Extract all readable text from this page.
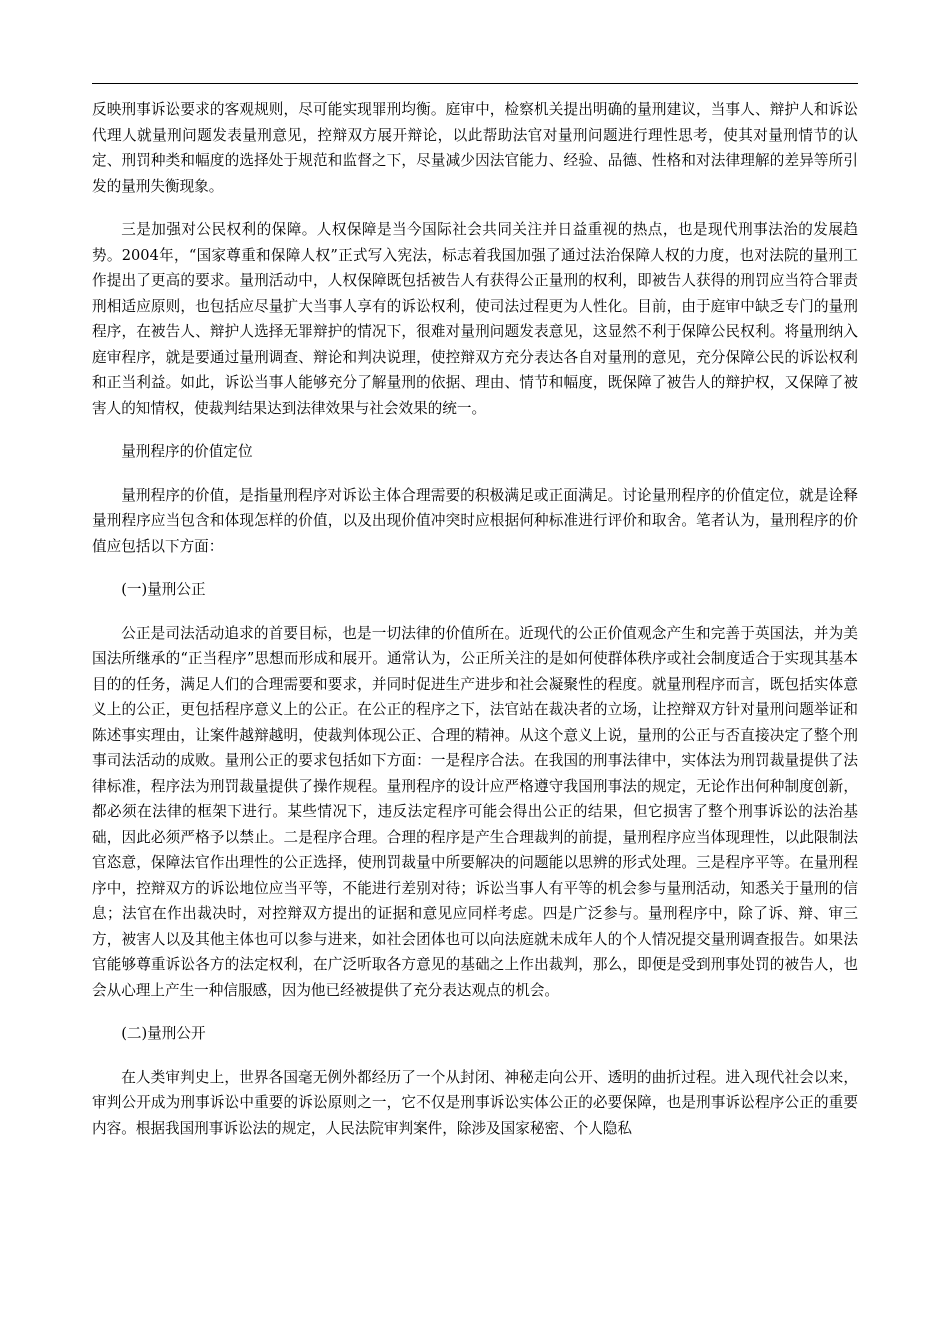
反映刑事诉讼要求的客观规则，尽可能实现罪刑均衡。庭审中，检察机关提出明确的量刑建议，当事人、辩护人和诉讼代理人就量刑问题发表量刑意见，控辩双方展开辩论，以此帮助法官对量刑问题进行理性思考，使其对量刑情节的认定、刑罚种类和幅度的选择处于规范和监督之下，尽量减少因法官能力、经验、品德、性格和对法律理解的差异等所引发的量刑失衡现象。

三是加强对公民权利的保障。人权保障是当今国际社会共同关注并日益重视的热点，也是现代刑事法治的发展趋势。2004年，“国家尊重和保障人权”正式写入宪法，标志着我国加强了通过法治保障人权的力度，也对法院的量刑工作提出了更高的要求。量刑活动中，人权保障既包括被告人有获得公正量刑的权利，即被告人获得的刑罚应当符合罪责刑相适应原则，也包括应尽量扩大当事人享有的诉讼权利，使司法过程更为人性化。目前，由于庭审中缺乏专门的量刑程序，在被告人、辩护人选择无罪辩护的情况下，很难对量刑问题发表意见，这显然不利于保障公民权利。将量刑纳入庭审程序，就是要通过量刑调查、辩论和判决说理，使控辩双方充分表达各自对量刑的意见，充分保障公民的诉讼权利和正当利益。如此，诉讼当事人能够充分了解量刑的依据、理由、情节和幅度，既保障了被告人的辩护权，又保障了被害人的知情权，使裁判结果达到法律效果与社会效果的统一。

量刑程序的价值定位

量刑程序的价值，是指量刑程序对诉讼主体合理需要的积极满足或正面满足。讨论量刑程序的价值定位，就是诠释量刑程序应当包含和体现怎样的价值，以及出现价值冲突时应根据何种标准进行评价和取舍。笔者认为，量刑程序的价值应包括以下方面：

(一)量刑公正

公正是司法活动追求的首要目标，也是一切法律的价值所在。近现代的公正价值观念产生和完善于英国法，并为美国法所继承的“正当程序”思想而形成和展开。通常认为，公正所关注的是如何使群体秩序或社会制度适合于实现其基本目的的任务，满足人们的合理需要和要求，并同时促进生产进步和社会凝聚性的程度。就量刑程序而言，既包括实体意义上的公正，更包括程序意义上的公正。在公正的程序之下，法官站在裁决者的立场，让控辩双方针对量刑问题举证和陈述事实理由，让案件越辩越明，使裁判体现公正、合理的精神。从这个意义上说，量刑的公正与否直接决定了整个刑事司法活动的成败。量刑公正的要求包括如下方面：一是程序合法。在我国的刑事法律中，实体法为刑罚裁量提供了法律标准，程序法为刑罚裁量提供了操作规程。量刑程序的设计应严格遵守我国刑事法的规定，无论作出何种制度创新，都必须在法律的框架下进行。某些情况下，违反法定程序可能会得出公正的结果，但它损害了整个刑事诉讼的法治基础，因此必须严格予以禁止。二是程序合理。合理的程序是产生合理裁判的前提，量刑程序应当体现理性，以此限制法官恣意，保障法官作出理性的公正选择，使刑罚裁量中所要解决的问题能以思辨的形式处理。三是程序平等。在量刑程序中，控辩双方的诉讼地位应当平等，不能进行差别对待；诉讼当事人有平等的机会参与量刑活动，知悉关于量刑的信息；法官在作出裁决时，对控辩双方提出的证据和意见应同样考虑。四是广泛参与。量刑程序中，除了诉、辩、审三方，被害人以及其他主体也可以参与进来，如社会团体也可以向法庭就未成年人的个人情况提交量刑调查报告。如果法官能够尊重诉讼各方的法定权利，在广泛听取各方意见的基础之上作出裁判，那么，即便是受到刑事处罚的被告人，也会从心理上产生一种信服感，因为他已经被提供了充分表达观点的机会。

(二)量刑公开

在人类审判史上，世界各国毫无例外都经历了一个从封闭、神秘走向公开、透明的曲折过程。进入现代社会以来，审判公开成为刑事诉讼中重要的诉讼原则之一，它不仅是刑事诉讼实体公正的必要保障，也是刑事诉讼程序公正的重要内容。根据我国刑事诉讼法的规定，人民法院审判案件，除涉及国家秘密、个人隐私
